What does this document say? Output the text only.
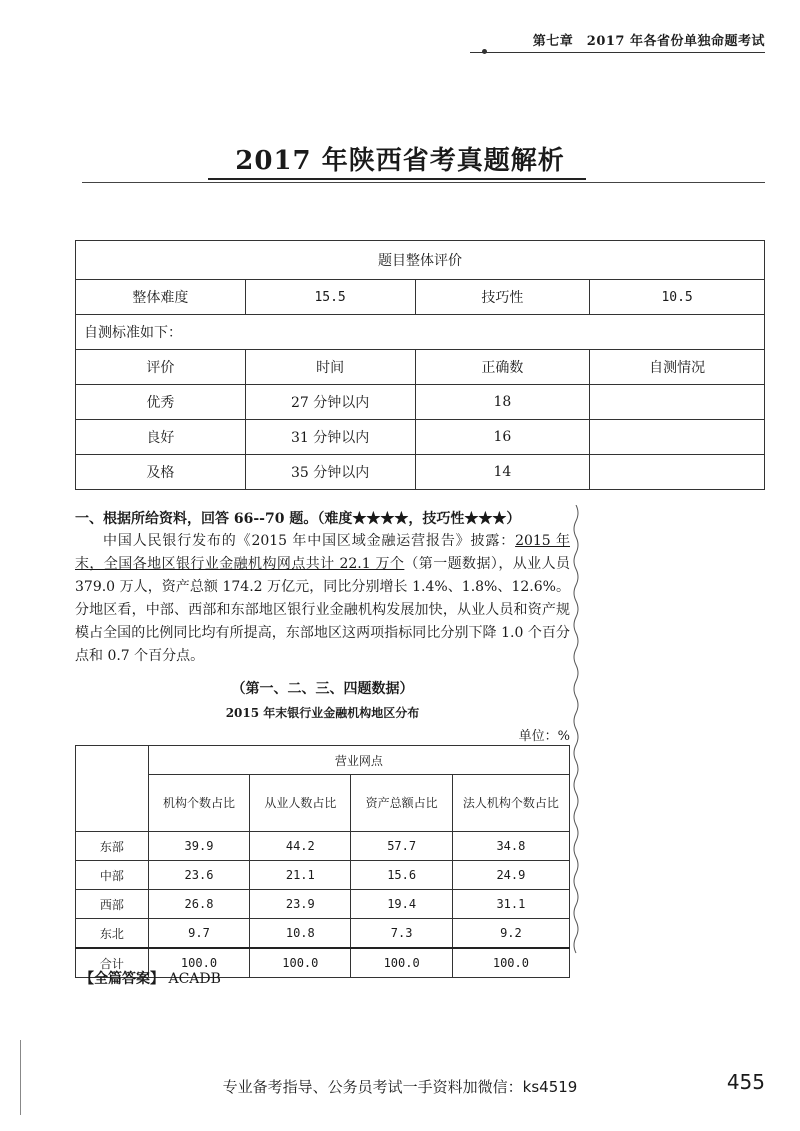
第七章　2017 年各省份单独命题考试
2017 年陕西省考真题解析
题目整体评价			
整体难度	15.5	技巧性	10.5
自测标准如下：			
评价	时间	正确数	自测情况
优秀	27 分钟以内	18	
良好	31 分钟以内	16	
及格	35 分钟以内	14	
一、根据所给资料，回答 66--70 题。（难度★★★★，技巧性★★★）
中国人民银行发布的《2015 年中国区域金融运营报告》披露：2015 年末，全国各地区银行业金融机构网点共计 22.1 万个（第一题数据），从业人员 379.0 万人，资产总额 174.2 万亿元，同比分别增长 1.4%、1.8%、12.6%。分地区看，中部、西部和东部地区银行业金融机构发展加快，从业人员和资产规模占全国的比例同比均有所提高，东部地区这两项指标同比分别下降 1.0 个百分点和 0.7 个百分点。
（第一、二、三、四题数据）
2015 年末银行业金融机构地区分布
单位：%
	营业网点			
	机构个数占比	从业人数占比	资产总额占比	法人机构个数占比
东部	39.9	44.2	57.7	34.8
中部	23.6	21.1	15.6	24.9
西部	26.8	23.9	19.4	31.1
东北	9.7	10.8	7.3	9.2
合计	100.0	100.0	100.0	100.0
【全篇答案】 ACADB
专业备考指导、公务员考试一手资料加微信：ks4519	455
